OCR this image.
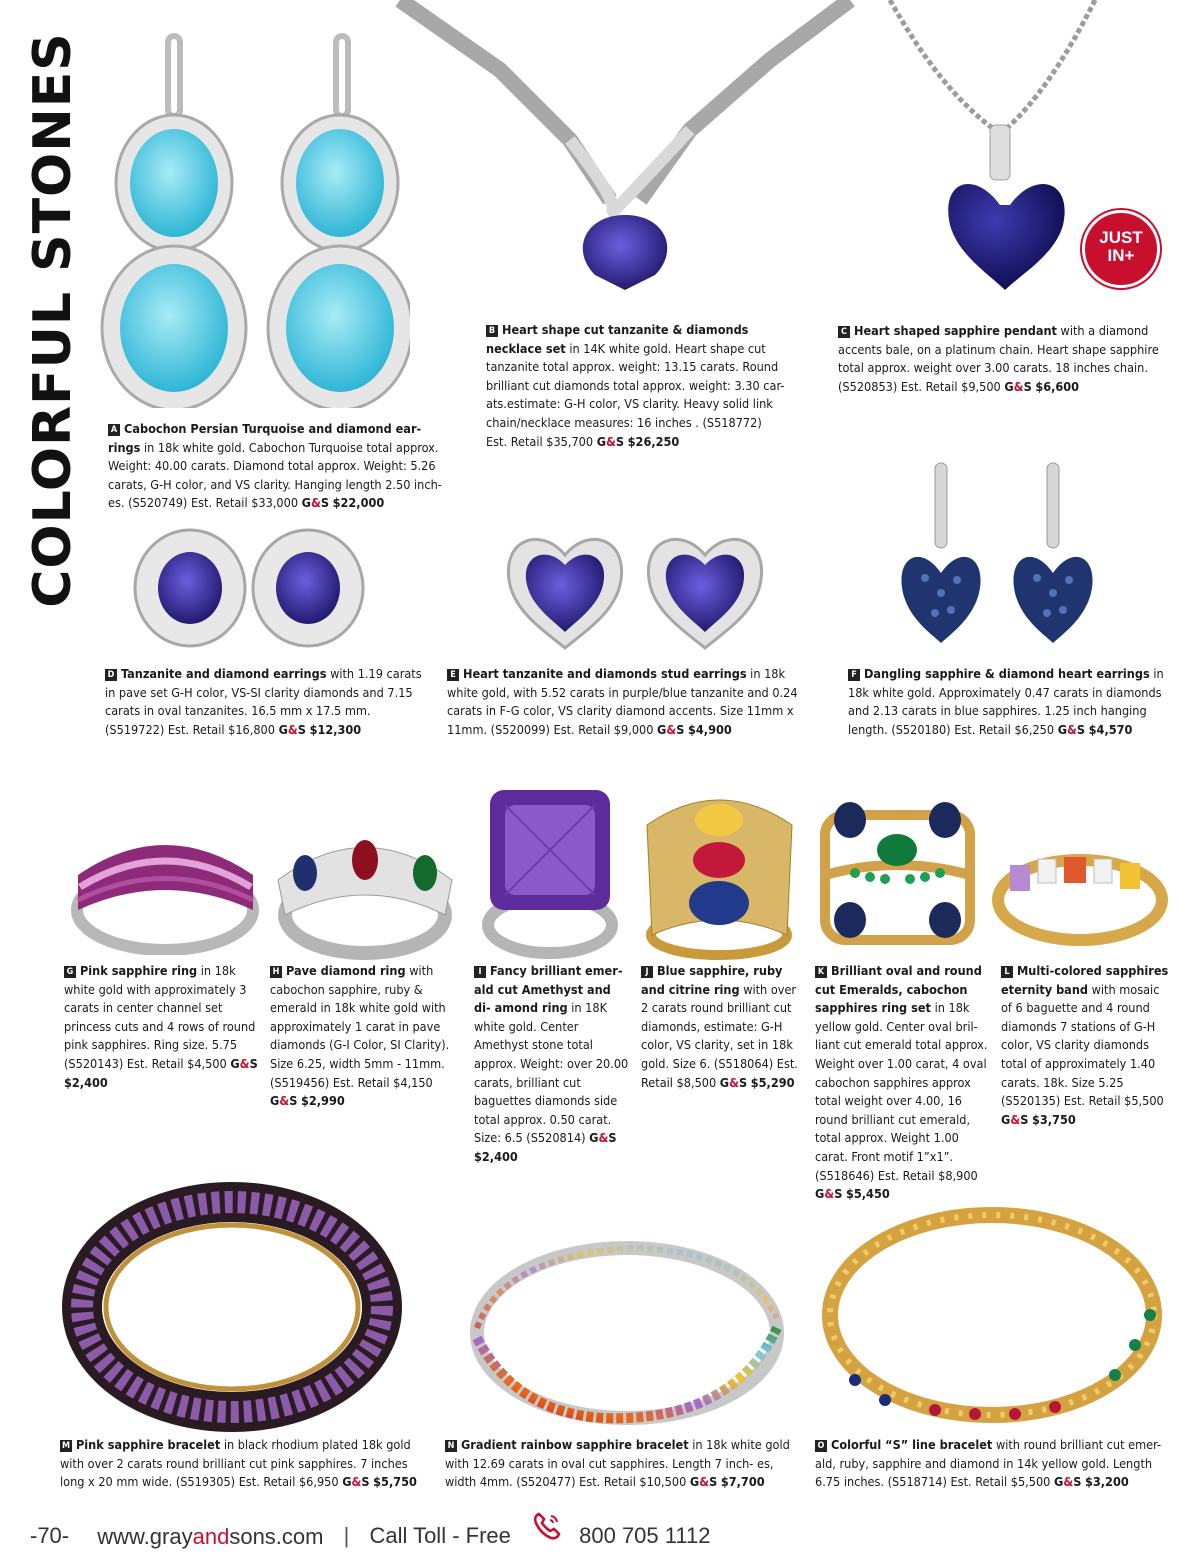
COLORFUL STONES	JUST
IN+
A Cabochon Persian Turquoise and diamond ear- rings in 18k white gold. Cabochon Turquoise total approx. Weight: 40.00 carats. Diamond total approx. Weight: 5.26 carats, G-H color, and VS clarity. Hanging length 2.50 inch- es. (S520749) Est. Retail $33,000 G&S $22,000
B Heart shape cut tanzanite & diamonds necklace set in 14K white gold. Heart shape cut tanzanite total approx. weight: 13.15 carats. Round brilliant cut diamonds total approx. weight: 3.30 car- ats.estimate: G-H color, VS clarity. Heavy solid link chain/necklace measures: 16 inches . (S518772) Est. Retail $35,700 G&S $26,250
C Heart shaped sapphire pendant with a diamond accents bale, on a platinum chain. Heart shape sapphire total approx. weight over 3.00 carats. 18 inches chain. (S520853) Est. Retail $9,500 G&S $6,600
D Tanzanite and diamond earrings with 1.19 carats in pave set G-H color, VS-SI clarity diamonds and 7.15 carats in oval tanzanites. 16.5 mm x 17.5 mm. (S519722) Est. Retail $16,800 G&S $12,300
E Heart tanzanite and diamonds stud earrings in 18k white gold, with 5.52 carats in purple/blue tanzanite and 0.24 carats in F-G color, VS clarity diamond accents. Size 11mm x 11mm. (S520099) Est. Retail $9,000 G&S $4,900
F Dangling sapphire & diamond heart earrings in 18k white gold. Approximately 0.47 carats in diamonds and 2.13 carats in blue sapphires. 1.25 inch hanging length. (S520180) Est. Retail $6,250 G&S $4,570
G Pink sapphire ring in 18k white gold with approximately 3 carats in center channel set princess cuts and 4 rows of round pink sapphires. Ring size. 5.75 (S520143) Est. Retail $4,500 G&S $2,400
H Pave diamond ring with cabochon sapphire, ruby & emerald in 18k white gold with approximately 1 carat in pave diamonds (G-I Color, SI Clarity). Size 6.25, width 5mm - 11mm. (S519456) Est. Retail $4,150 G&S $2,990
I Fancy brilliant emer- ald cut Amethyst and di- amond ring in 18K white gold. Center Amethyst stone total approx. Weight: over 20.00 carats, brilliant cut baguettes diamonds side total approx. 0.50 carat. Size: 6.5 (S520814) G&S $2,400
J Blue sapphire, ruby and citrine ring with over 2 carats round brilliant cut diamonds, estimate: G-H color, VS clarity, set in 18k gold. Size 6. (S518064) Est. Retail $8,500 G&S $5,290
K Brilliant oval and round cut Emeralds, cabochon sapphires ring set in 18k yellow gold. Center oval bril- liant cut emerald total approx. Weight over 1.00 carat, 4 oval cabochon sapphires approx total weight over 4.00, 16 round brilliant cut emerald, total approx. Weight 1.00 carat. Front motif 1”x1”. (S518646) Est. Retail $8,900 G&S $5,450
L Multi-colored sapphires eternity band with mosaic of 6 baguette and 4 round diamonds 7 stations of G-H color, VS clarity diamonds total of approximately 1.40 carats. 18k. Size 5.25 (S520135) Est. Retail $5,500 G&S $3,750
M Pink sapphire bracelet in black rhodium plated 18k gold with over 2 carats round brilliant cut pink sapphires. 7 inches long x 20 mm wide. (S519305) Est. Retail $6,950 G&S $5,750
N Gradient rainbow sapphire bracelet in 18k white gold with 12.69 carats in oval cut sapphires. Length 7 inch- es, width 4mm. (S520477) Est. Retail $10,500 G&S $7,700
O Colorful “S” line bracelet with round brilliant cut emer- ald, ruby, sapphire and diamond in 14k yellow gold. Length 6.75 inches. (S518714) Est. Retail $5,500 G&S $3,200
-70- www.grayandsons.com | Call Toll - Free	800 705 1112
